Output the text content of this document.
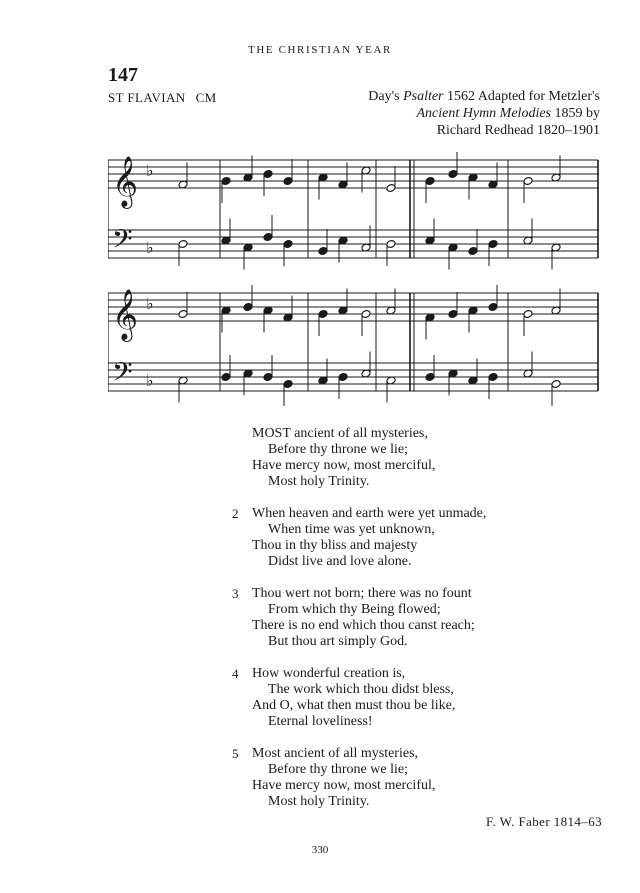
THE CHRISTIAN YEAR
147
ST FLAVIAN CM	Day's Psalter 1562 Adapted for Metzler's
Ancient Hymn Melodies 1859 by
Richard Redhead 1820–1901
𝄞 ♭
𝄢 ♭
𝄞 ♭
𝄢 ♭
MOST ancient of all mysteries,
Before thy throne we lie;
Have mercy now, most merciful,
Most holy Trinity.
2 When heaven and earth were yet unmade,
When time was yet unknown,
Thou in thy bliss and majesty
Didst live and love alone.
3 Thou wert not born; there was no fount
From which thy Being flowed;
There is no end which thou canst reach;
But thou art simply God.
4 How wonderful creation is,
The work which thou didst bless,
And O, what then must thou be like,
Eternal loveliness!
5 Most ancient of all mysteries,
Before thy throne we lie;
Have mercy now, most merciful,
Most holy Trinity.
F. W. Faber 1814–63
330
